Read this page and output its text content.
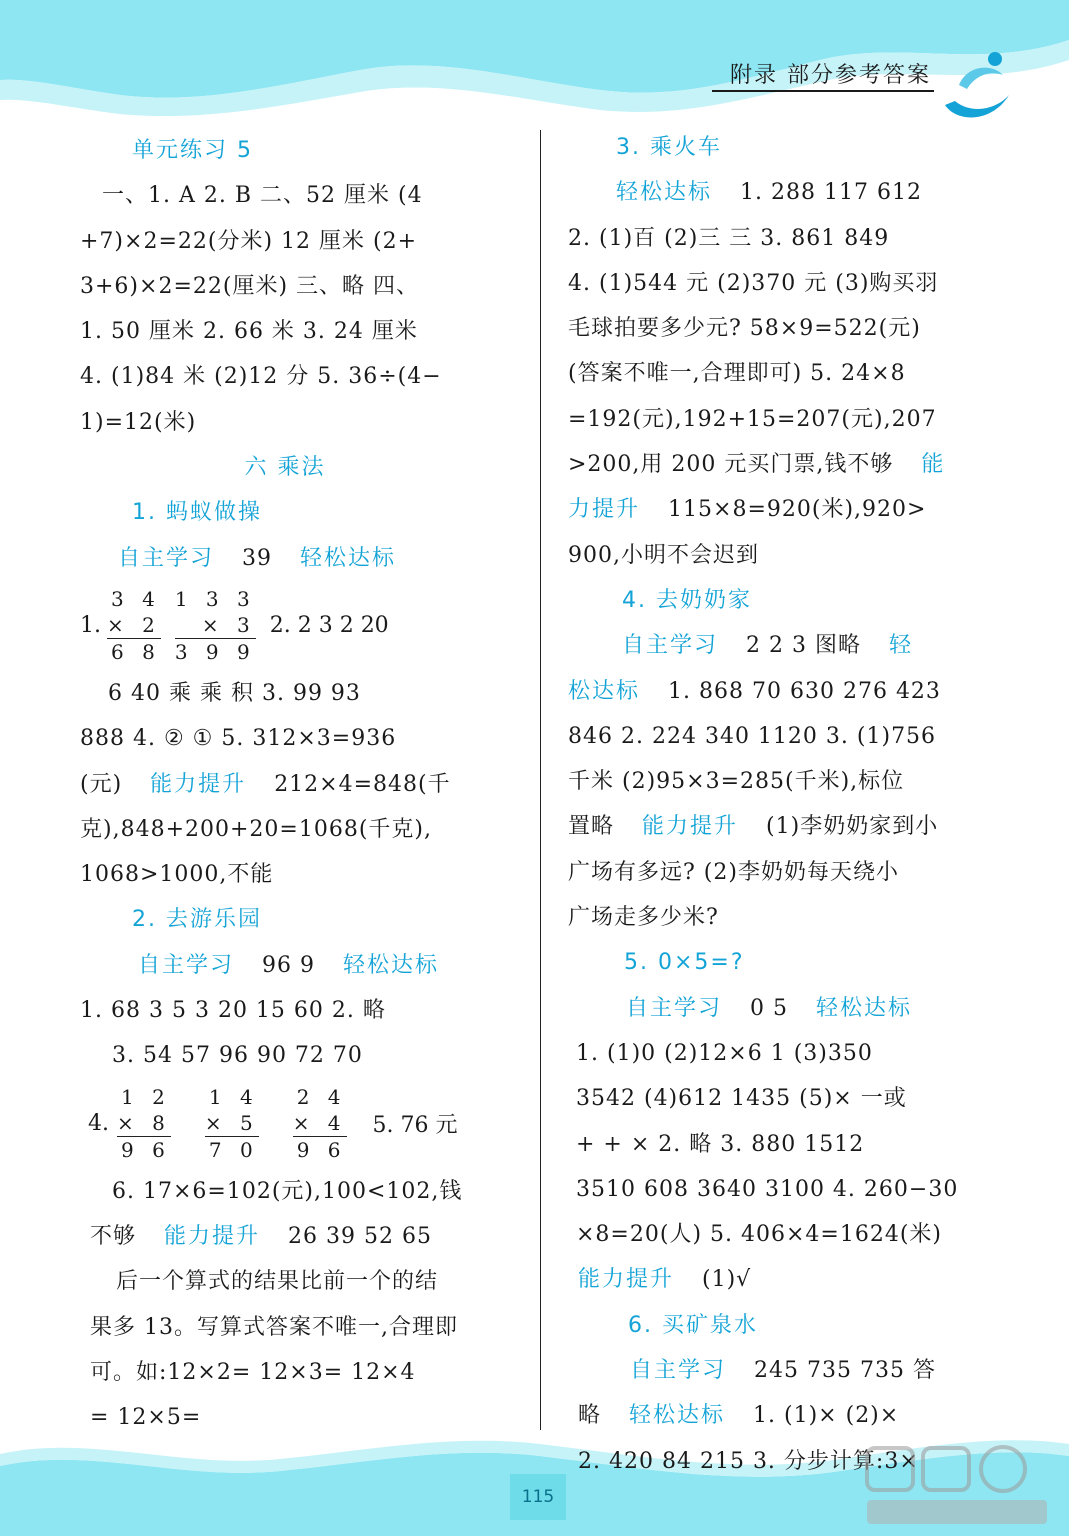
附录 部分参考答案
单元练习 5
一、1. A 2. B 二、52 厘米 (4
+7)×2=22(分米) 12 厘米 (2+
3+6)×2=22(厘米) 三、略 四、
1. 50 厘米 2. 66 米 3. 24 厘米
4. (1)84 米 (2)12 分 5. 36÷(4−
1)=12(米)
六 乘法
1. 蚂蚁做操
自主学习 39 轻松达标
1.
3 4
× 2
6 8
1 3 3
× 3
3 9 9
2. 2 3 2 20
6 40 乘 乘 积 3. 99 93
888 4. ② ① 5. 312×3=936
(元) 能力提升 212×4=848(千
克),848+200+20=1068(千克),
1068>1000,不能
2. 去游乐园
自主学习 96 9 轻松达标
1. 68 3 5 3 20 15 60 2. 略
3. 54 57 96 90 72 70
4.
1 2
× 8
9 6
1 4
× 5
7 0
2 4
× 4
9 6
5. 76 元
6. 17×6=102(元),100<102,钱
不够 能力提升 26 39 52 65
后一个算式的结果比前一个的结
果多 13。写算式答案不唯一,合理即
可。如:12×2= 12×3= 12×4
= 12×5=
3. 乘火车
轻松达标 1. 288 117 612
2. (1)百 (2)三 三 3. 861 849
4. (1)544 元 (2)370 元 (3)购买羽
毛球拍要多少元? 58×9=522(元)
(答案不唯一,合理即可) 5. 24×8
=192(元),192+15=207(元),207
>200,用 200 元买门票,钱不够 能
力提升 115×8=920(米),920>
900,小明不会迟到
4. 去奶奶家
自主学习 2 2 3 图略 轻
松达标 1. 868 70 630 276 423
846 2. 224 340 1120 3. (1)756
千米 (2)95×3=285(千米),标位
置略 能力提升 (1)李奶奶家到小
广场有多远? (2)李奶奶每天绕小
广场走多少米?
5. 0×5=?
自主学习 0 5 轻松达标
1. (1)0 (2)12×6 1 (3)350
3542 (4)612 1435 (5)× 一或
+ + × 2. 略 3. 880 1512
3510 608 3640 3100 4. 260−30
×8=20(人) 5. 406×4=1624(米)
能力提升 (1)√
6. 买矿泉水
自主学习 245 735 735 答
略 轻松达标 1. (1)× (2)×
2. 420 84 215 3. 分步计算:3×
115
